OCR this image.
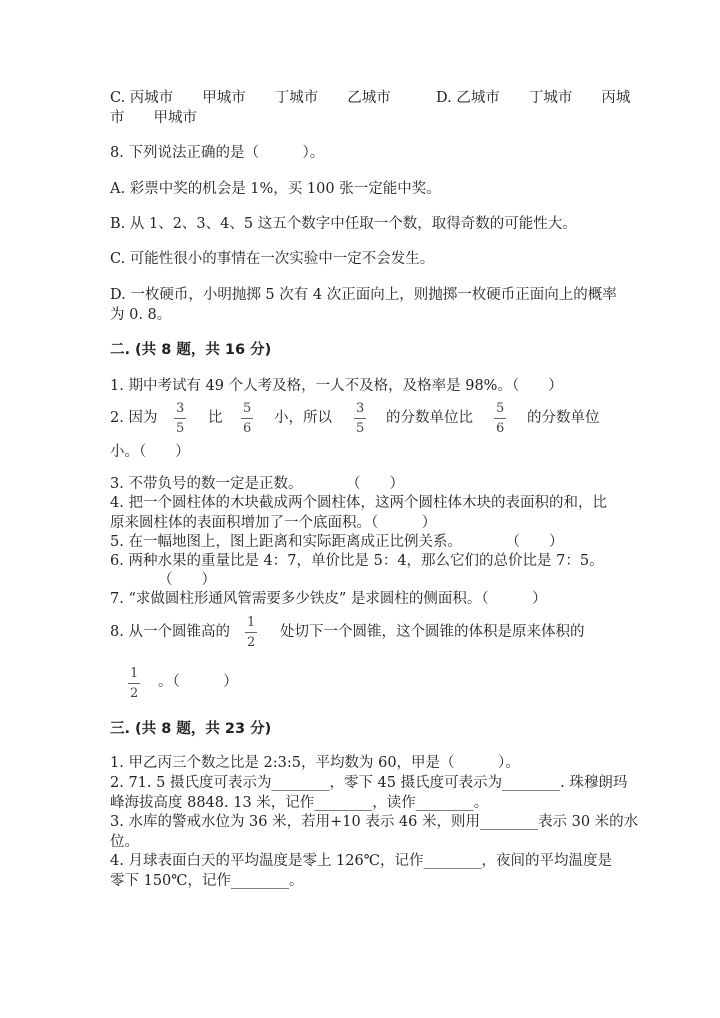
C. 丙城市　　甲城市　　丁城市　　乙城市	D. 乙城市　　丁城市　　丙城
市　　甲城市
8. 下列说法正确的是（　　　）。
A. 彩票中奖的机会是 1%，买 100 张一定能中奖。
B. 从 1、2、3、4、5 这五个数字中任取一个数，取得奇数的可能性大。
C. 可能性很小的事情在一次实验中一定不会发生。
D. 一枚硬币，小明抛掷 5 次有 4 次正面向上，则抛掷一枚硬币正面向上的概率
为 0. 8。
二. (共 8 题，共 16 分)
1. 期中考试有 49 个人考及格，一人不及格，及格率是 98%。（　　）
2. 因为 $\frac{3}{5}$ 比 $\frac{5}{6}$ 小，所以 $\frac{3}{5}$ 的分数单位比 $\frac{5}{6}$ 的分数单位
小。（　　）
3. 不带负号的数一定是正数。　　　　（　　）
4. 把一个圆柱体的木块截成两个圆柱体，这两个圆柱体木块的表面积的和，比
原来圆柱体的表面积增加了一个底面积。（　　　）
5. 在一幅地图上，图上距离和实际距离成正比例关系。　　　　（　　）
6. 两种水果的重量比是 4：7，单价比是 5：4，那么它们的总价比是 7：5。
（　　）
7. “求做圆柱形通风管需要多少铁皮” 是求圆柱的侧面积。（　　　）
8. 从一个圆锥高的 $\frac{1}{2}$ 处切下一个圆锥，这个圆锥的体积是原来体积的
$\frac{1}{2}$ 。（　　　）
三. (共 8 题，共 23 分)
1. 甲乙丙三个数之比是 2:3:5，平均数为 60，甲是（　　　）。
2. 71. 5 摄氏度可表示为________，零下 45 摄氏度可表示为________. 珠穆朗玛
峰海拔高度 8848. 13 米，记作________，读作________。
3. 水库的警戒水位为 36 米，若用+10 表示 46 米，则用________表示 30 米的水
位。
4. 月球表面白天的平均温度是零上 126℃，记作________，夜间的平均温度是
零下 150℃，记作________。
